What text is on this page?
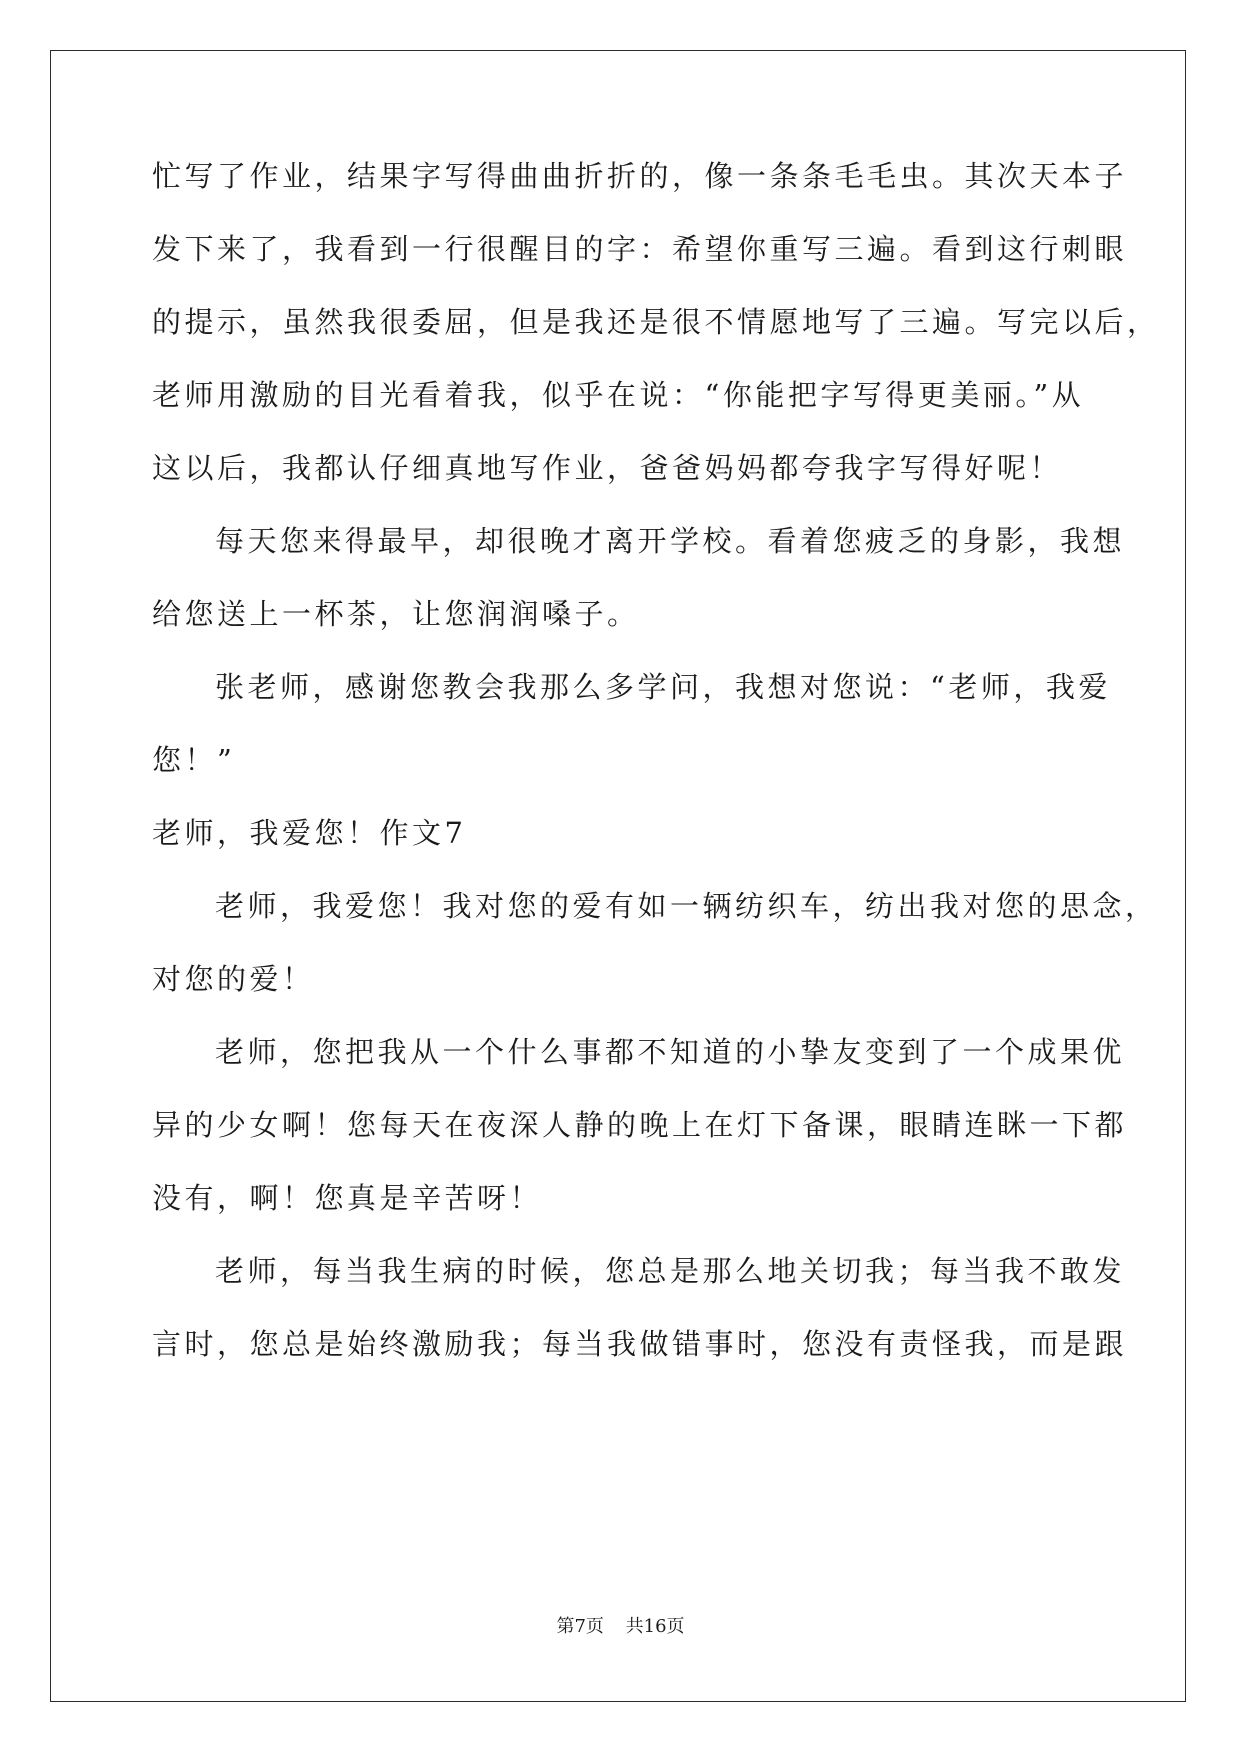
忙写了作业，结果字写得曲曲折折的，像一条条毛毛虫。其次天本子
发下来了，我看到一行很醒目的字：希望你重写三遍。看到这行刺眼
的提示，虽然我很委屈，但是我还是很不情愿地写了三遍。写完以后，
老师用激励的目光看着我，似乎在说：“你能把字写得更美丽。”从
这以后，我都认仔细真地写作业，爸爸妈妈都夸我字写得好呢！
每天您来得最早，却很晚才离开学校。看着您疲乏的身影，我想
给您送上一杯茶，让您润润嗓子。
张老师，感谢您教会我那么多学问，我想对您说：“老师，我爱
您！”
老师，我爱您！作文7
老师，我爱您！我对您的爱有如一辆纺织车，纺出我对您的思念，
对您的爱！
老师，您把我从一个什么事都不知道的小挚友变到了一个成果优
异的少女啊！您每天在夜深人静的晚上在灯下备课，眼睛连眯一下都
没有，啊！您真是辛苦呀！
老师，每当我生病的时候，您总是那么地关切我；每当我不敢发
言时，您总是始终激励我；每当我做错事时，您没有责怪我，而是跟
第7页 共16页
